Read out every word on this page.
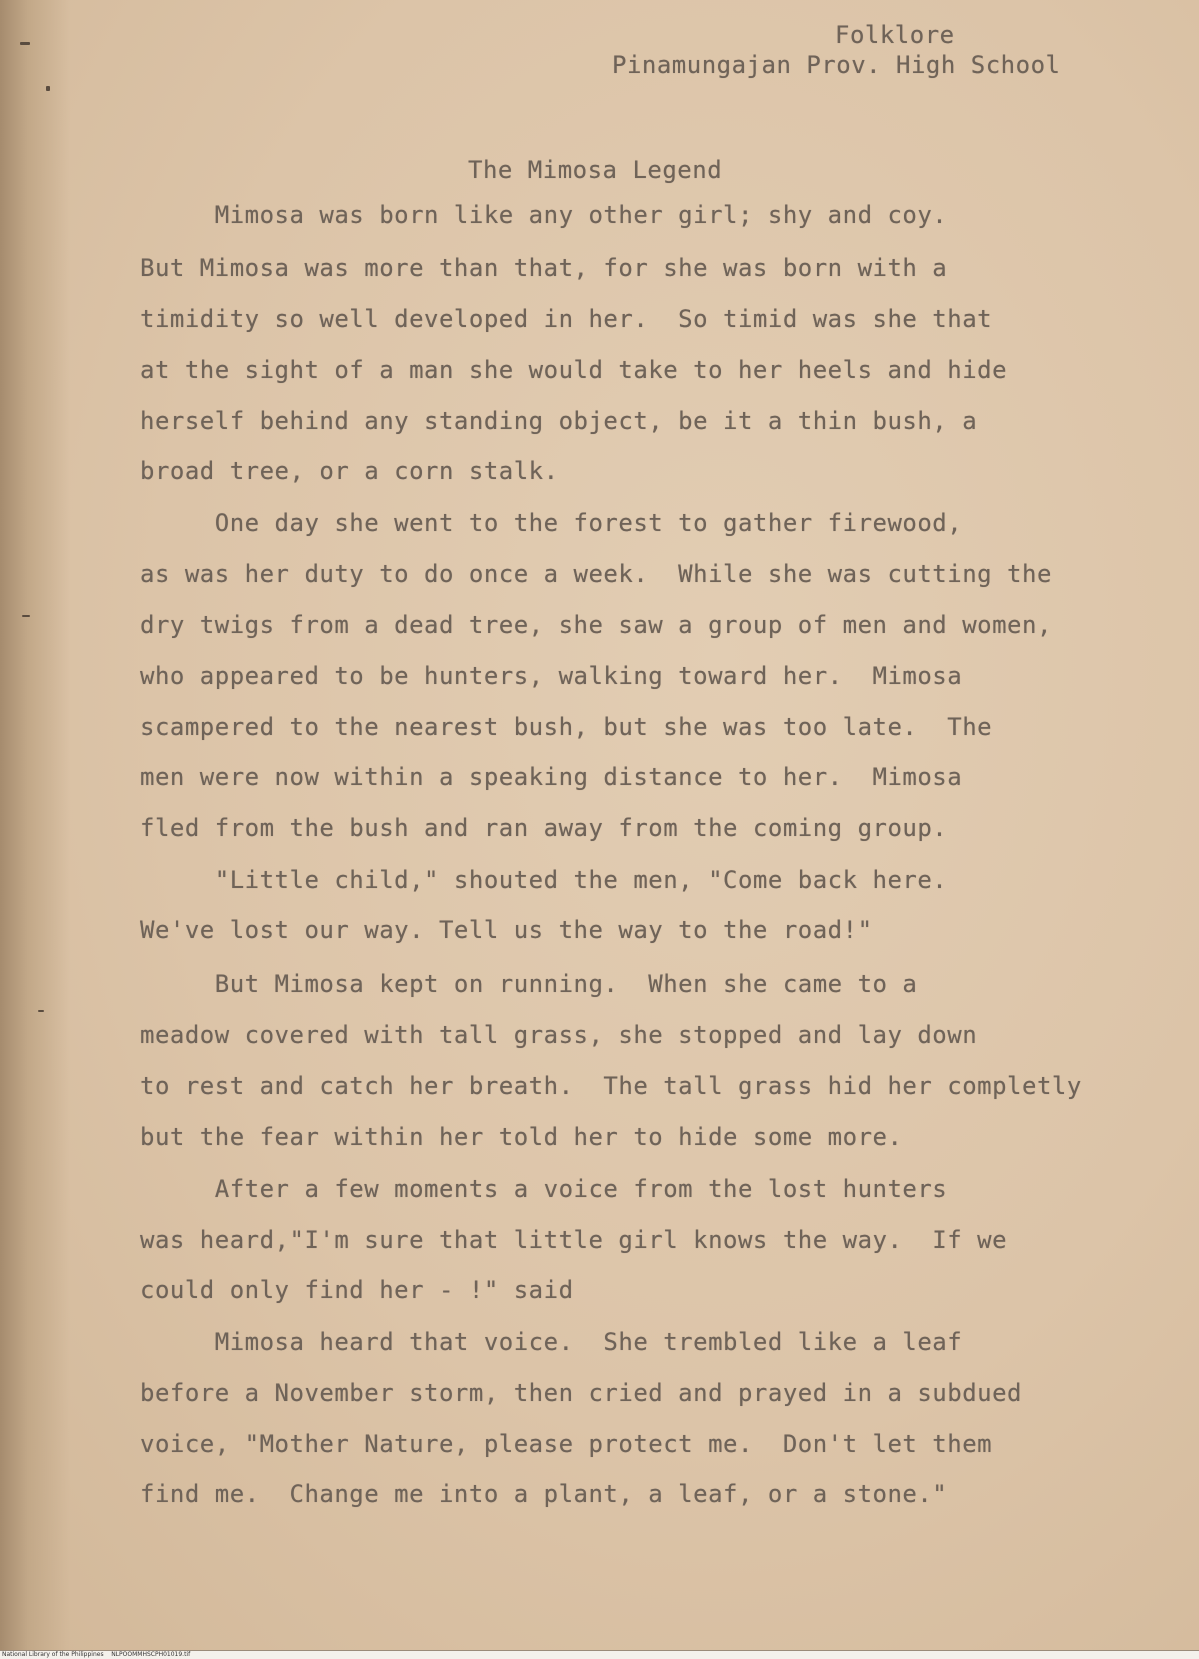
Folklore
Pinamungajan Prov. High School
The Mimosa Legend
Mimosa was born like any other girl; shy and coy.
But Mimosa was more than that, for she was born with a
timidity so well developed in her.  So timid was she that
at the sight of a man she would take to her heels and hide
herself behind any standing object, be it a thin bush, a
broad tree, or a corn stalk.
One day she went to the forest to gather firewood,
as was her duty to do once a week.  While she was cutting the
dry twigs from a dead tree, she saw a group of men and women,
who appeared to be hunters, walking toward her.  Mimosa
scampered to the nearest bush, but she was too late.  The
men were now within a speaking distance to her.  Mimosa
fled from the bush and ran away from the coming group.
"Little child," shouted the men, "Come back here.
We've lost our way. Tell us the way to the road!"
But Mimosa kept on running.  When she came to a
meadow covered with tall grass, she stopped and lay down
to rest and catch her breath.  The tall grass hid her completly
but the fear within her told her to hide some more.
After a few moments a voice from the lost hunters
was heard,"I'm sure that little girl knows the way.  If we
could only find her - !" said
Mimosa heard that voice.  She trembled like a leaf
before a November storm, then cried and prayed in a subdued
voice, "Mother Nature, please protect me.  Don't let them
find me.  Change me into a plant, a leaf, or a stone."
National Library of the Philippines    NLPOOMMHSCPH01019.tif
